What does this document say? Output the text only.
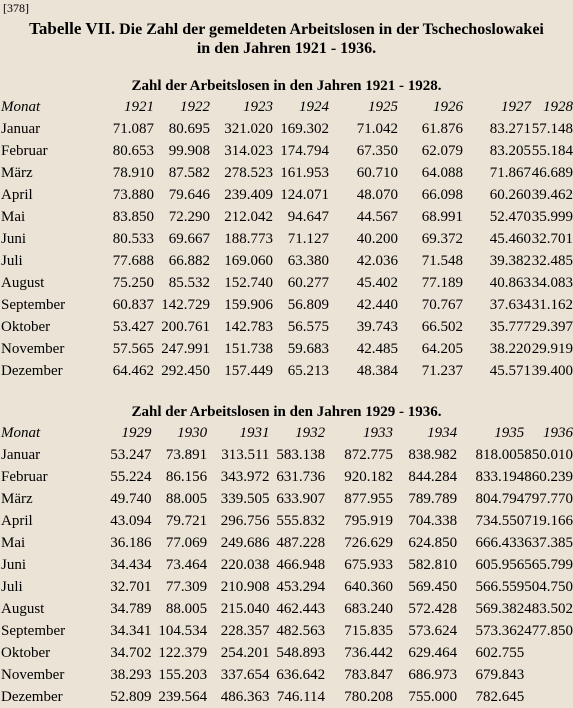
[378]
Tabelle VII. Die Zahl der gemeldeten Arbeitslosen in der Tschechoslowakei
in den Jahren 1921 - 1936.
Zahl der Arbeitslosen in den Jahren 1921 - 1928.
Monat	1921	1922	1923	1924	1925	1926	1927	1928
Januar	71.087	80.695	321.020	169.302	71.042	61.876	83.271	57.148
Februar	80.653	99.908	314.023	174.794	67.350	62.079	83.205	55.184
März	78.910	87.582	278.523	161.953	60.710	64.088	71.867	46.689
April	73.880	79.646	239.409	124.071	48.070	66.098	60.260	39.462
Mai	83.850	72.290	212.042	94.647	44.567	68.991	52.470	35.999
Juni	80.533	69.667	188.773	71.127	40.200	69.372	45.460	32.701
Juli	77.688	66.882	169.060	63.380	42.036	71.548	39.382	32.485
August	75.250	85.532	152.740	60.277	45.402	77.189	40.863	34.083
September	60.837	142.729	159.906	56.809	42.440	70.767	37.634	31.162
Oktober	53.427	200.761	142.783	56.575	39.743	66.502	35.777	29.397
November	57.565	247.991	151.738	59.683	42.485	64.205	38.220	29.919
Dezember	64.462	292.450	157.449	65.213	48.384	71.237	45.571	39.400
Zahl der Arbeitslosen in den Jahren 1929 - 1936.
Monat	1929	1930	1931	1932	1933	1934	1935	1936
Januar	53.247	73.891	313.511	583.138	872.775	838.982	818.005	850.010
Februar	55.224	86.156	343.972	631.736	920.182	844.284	833.194	860.239
März	49.740	88.005	339.505	633.907	877.955	789.789	804.794	797.770
April	43.094	79.721	296.756	555.832	795.919	704.338	734.550	719.166
Mai	36.186	77.069	249.686	487.228	726.629	624.850	666.433	637.385
Juni	34.434	73.464	220.038	466.948	675.933	582.810	605.956	565.799
Juli	32.701	77.309	210.908	453.294	640.360	569.450	566.559	504.750
August	34.789	88.005	215.040	462.443	683.240	572.428	569.382	483.502
September	34.341	104.534	228.357	482.563	715.835	573.624	573.362	477.850
Oktober	34.702	122.379	254.201	548.893	736.442	629.464	602.755	
November	38.293	155.203	337.654	636.642	783.847	686.973	679.843	
Dezember	52.809	239.564	486.363	746.114	780.208	755.000	782.645	
